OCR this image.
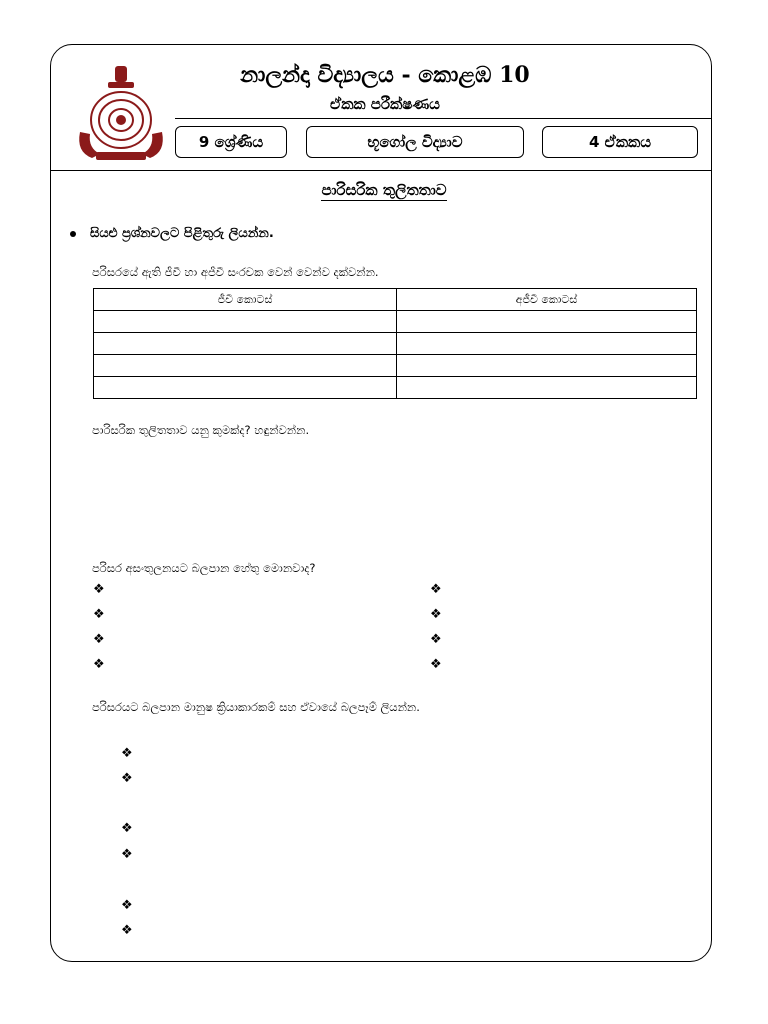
නාලන්දා විද්‍යාලය - කොළඹ 10
ඒකක පරීක්ෂණය
9 ශ්‍රේණිය	භූගෝල විද්‍යාව	4 ඒකකය
පාරිසරික තුලිතතාව
සියළු ප්‍රශ්නවලට පිළිතුරු ලියන්න.
පරිසරයේ ඇති ජීවී හා අජීවී සංරචක වෙන් වෙන්ව දක්වන්න.
ජීවී කොටස්	අජීවී කොටස්

පාරිසරික තුලිතතාව යනු කුමක්ද? හඳුන්වන්න.
පරිසර අසංතුලනයට බලපාන හේතු මොනවාද?
❖
❖
❖
❖
❖
❖
❖
❖
පරිසරයට බලපාන මානුෂ ක්‍රියාකාරකම් සහ ඒවායේ බලපෑම් ලියන්න.
❖
❖
❖
❖
❖
❖
